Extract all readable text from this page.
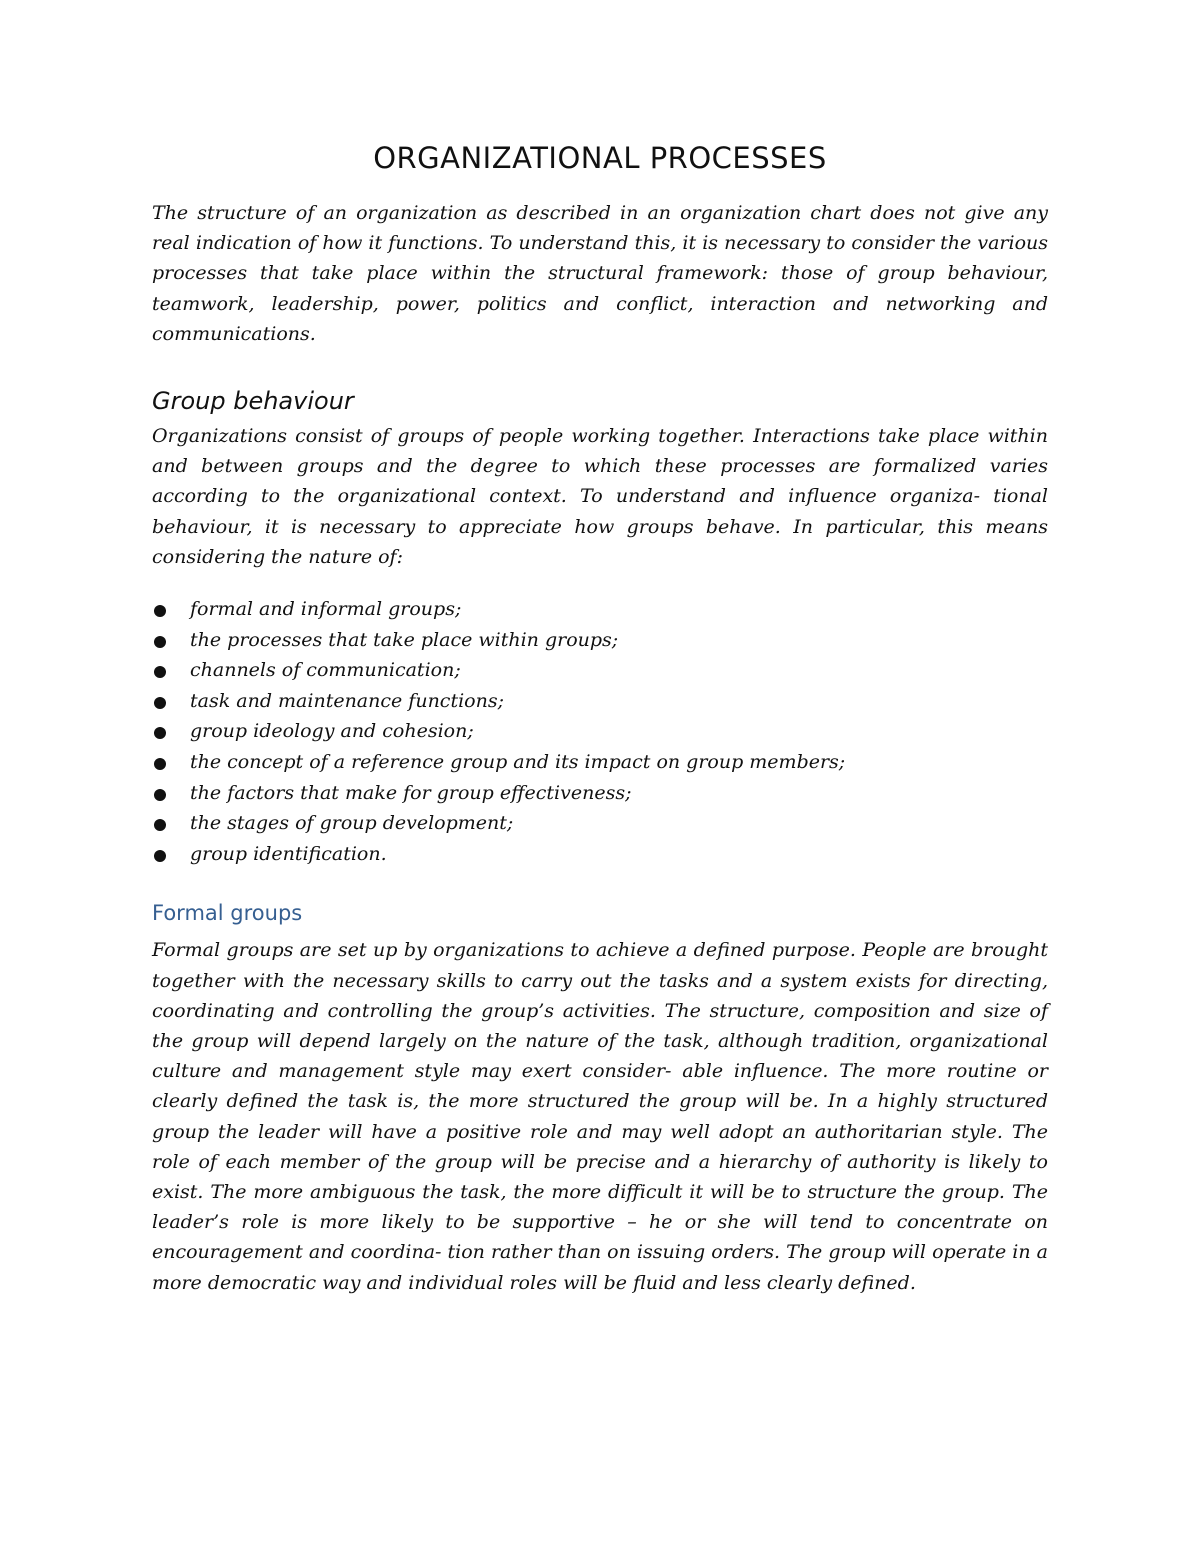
ORGANIZATIONAL PROCESSES

The structure of an organization as described in an organization chart does not give any real indication of how it functions. To understand this, it is necessary to consider the various processes that take place within the structural framework: those of group behaviour, teamwork, leadership, power, politics and conflict, interaction and networking and communications.

Group behaviour

Organizations consist of groups of people working together. Interactions take place within and between groups and the degree to which these processes are formalized varies according to the organizational context. To understand and influence organiza- tional behaviour, it is necessary to appreciate how groups behave. In particular, this means considering the nature of:

formal and informal groups;
the processes that take place within groups;
channels of communication;
task and maintenance functions;
group ideology and cohesion;
the concept of a reference group and its impact on group members;
the factors that make for group effectiveness;
the stages of group development;
group identification.
Formal groups

Formal groups are set up by organizations to achieve a defined purpose. People are brought together with the necessary skills to carry out the tasks and a system exists for directing, coordinating and controlling the group’s activities. The structure, composition and size of the group will depend largely on the nature of the task, although tradition, organizational culture and management style may exert consider- able influence. The more routine or clearly defined the task is, the more structured the group will be. In a highly structured group the leader will have a positive role and may well adopt an authoritarian style. The role of each member of the group will be precise and a hierarchy of authority is likely to exist. The more ambiguous the task, the more difficult it will be to structure the group. The leader’s role is more likely to be supportive – he or she will tend to concentrate on encouragement and coordina- tion rather than on issuing orders. The group will operate in a more democratic way and individual roles will be fluid and less clearly defined.
